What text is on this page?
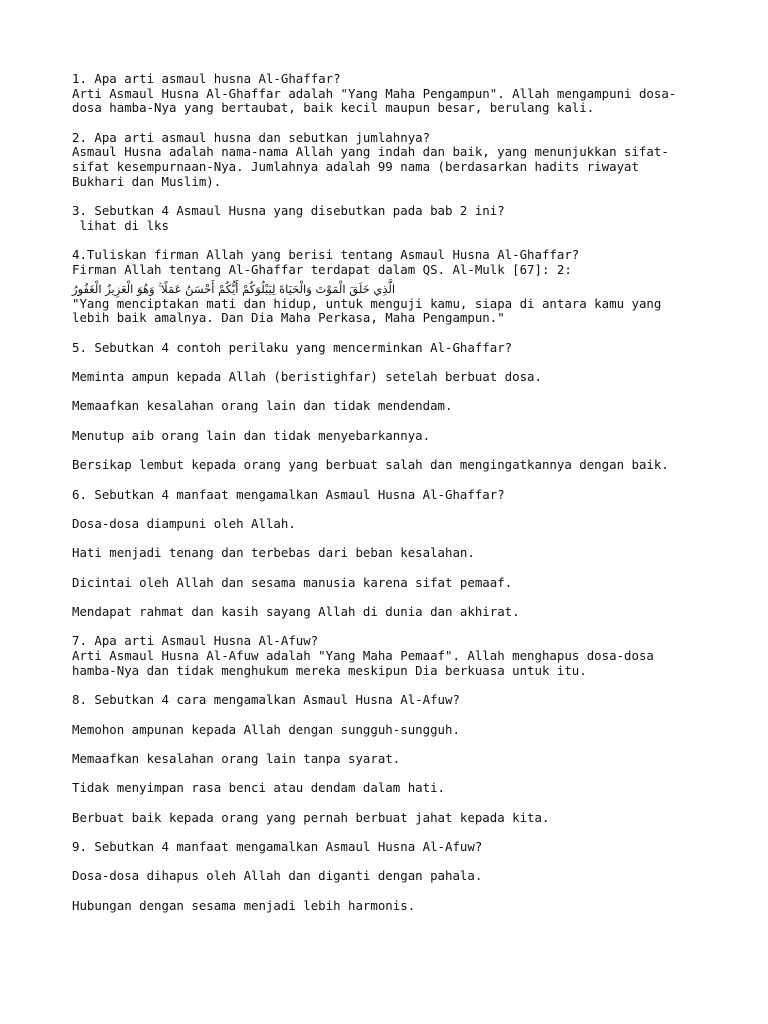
1. Apa arti asmaul husna Al-Ghaffar?
Arti Asmaul Husna Al-Ghaffar adalah "Yang Maha Pengampun". Allah mengampuni dosa-
dosa hamba-Nya yang bertaubat, baik kecil maupun besar, berulang kali.
2. Apa arti asmaul husna dan sebutkan jumlahnya?
Asmaul Husna adalah nama-nama Allah yang indah dan baik, yang menunjukkan sifat-
sifat kesempurnaan-Nya. Jumlahnya adalah 99 nama (berdasarkan hadits riwayat
Bukhari dan Muslim).
3. Sebutkan 4 Asmaul Husna yang disebutkan pada bab 2 ini?
lihat di lks
4.Tuliskan firman Allah yang berisi tentang Asmaul Husna Al-Ghaffar?
Firman Allah tentang Al-Ghaffar terdapat dalam QS. Al-Mulk [67]: 2:
الَّذِي خَلَقَ الْمَوْتَ وَالْحَيَاةَ لِيَبْلُوَكُمْ أَيُّكُمْ أَحْسَنُ عَمَلًا ۚ وَهُوَ الْعَزِيزُ الْغَفُورُ
"Yang menciptakan mati dan hidup, untuk menguji kamu, siapa di antara kamu yang
lebih baik amalnya. Dan Dia Maha Perkasa, Maha Pengampun."
5. Sebutkan 4 contoh perilaku yang mencerminkan Al-Ghaffar?
Meminta ampun kepada Allah (beristighfar) setelah berbuat dosa.
Memaafkan kesalahan orang lain dan tidak mendendam.
Menutup aib orang lain dan tidak menyebarkannya.
Bersikap lembut kepada orang yang berbuat salah dan mengingatkannya dengan baik.
6. Sebutkan 4 manfaat mengamalkan Asmaul Husna Al-Ghaffar?
Dosa-dosa diampuni oleh Allah.
Hati menjadi tenang dan terbebas dari beban kesalahan.
Dicintai oleh Allah dan sesama manusia karena sifat pemaaf.
Mendapat rahmat dan kasih sayang Allah di dunia dan akhirat.
7. Apa arti Asmaul Husna Al-Afuw?
Arti Asmaul Husna Al-Afuw adalah "Yang Maha Pemaaf". Allah menghapus dosa-dosa
hamba-Nya dan tidak menghukum mereka meskipun Dia berkuasa untuk itu.
8. Sebutkan 4 cara mengamalkan Asmaul Husna Al-Afuw?
Memohon ampunan kepada Allah dengan sungguh-sungguh.
Memaafkan kesalahan orang lain tanpa syarat.
Tidak menyimpan rasa benci atau dendam dalam hati.
Berbuat baik kepada orang yang pernah berbuat jahat kepada kita.
9. Sebutkan 4 manfaat mengamalkan Asmaul Husna Al-Afuw?
Dosa-dosa dihapus oleh Allah dan diganti dengan pahala.
Hubungan dengan sesama menjadi lebih harmonis.
